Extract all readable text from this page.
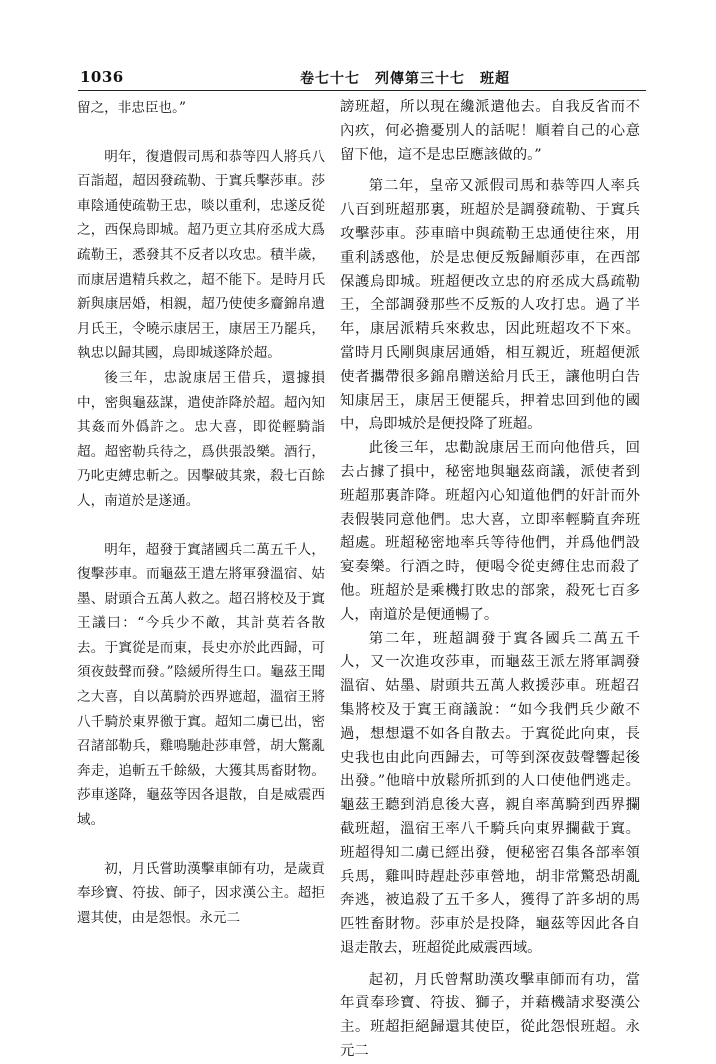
1036	卷七十七　列傳第三十七　班超

留之，非忠臣也。”

明年，復遣假司馬和恭等四人將兵八百詣超，超因發疏勒、于窴兵擊莎車。莎車陰通使疏勒王忠，啖以重利，忠遂反從之，西保烏即城。超乃更立其府丞成大爲疏勒王，悉發其不反者以攻忠。積半歲，而康居遣精兵救之，超不能下。是時月氏新與康居婚，相親，超乃使使多齎錦帛遺月氏王，令曉示康居王，康居王乃罷兵，執忠以歸其國，烏即城遂降於超。

後三年，忠說康居王借兵，還據損中，密與龜茲謀，遣使詐降於超。超內知其姦而外僞許之。忠大喜，即從輕騎詣超。超密勒兵待之，爲供張設樂。酒行，乃叱吏縛忠斬之。因擊破其衆，殺七百餘人，南道於是遂通。

明年，超發于窴諸國兵二萬五千人，復擊莎車。而龜茲王遣左將軍發溫宿、姑墨、尉頭合五萬人救之。超召將校及于窴王議曰：“今兵少不敵，其計莫若各散去。于窴從是而東，長史亦於此西歸，可須夜鼓聲而發。”陰緩所得生口。龜茲王聞之大喜，自以萬騎於西界遮超，溫宿王將八千騎於東界徼于窴。超知二虜已出，密召諸部勒兵，雞鳴馳赴莎車營，胡大驚亂奔走，追斬五千餘級，大獲其馬畜財物。莎車遂降，龜茲等因各退散，自是威震西域。

初，月氏嘗助漢擊車師有功，是歲貢奉珍寶、符拔、師子，因求漢公主。超拒還其使，由是怨恨。永元二

謗班超，所以現在纔派遣他去。自我反省而不內疚，何必擔憂別人的話呢！順着自己的心意留下他，這不是忠臣應該做的。”

第二年，皇帝又派假司馬和恭等四人率兵八百到班超那裏，班超於是調發疏勒、于窴兵攻擊莎車。莎車暗中與疏勒王忠通使往來，用重利誘惑他，於是忠便反叛歸順莎車，在西部保護烏即城。班超便改立忠的府丞成大爲疏勒王，全部調發那些不反叛的人攻打忠。過了半年，康居派精兵來救忠，因此班超攻不下來。當時月氏剛與康居通婚，相互親近，班超便派使者攜帶很多錦帛贈送給月氏王，讓他明白告知康居王，康居王便罷兵，押着忠回到他的國中，烏即城於是便投降了班超。

此後三年，忠勸說康居王而向他借兵，回去占據了損中，秘密地與龜茲商議，派使者到班超那裏詐降。班超內心知道他們的奸計而外表假裝同意他們。忠大喜，立即率輕騎直奔班超處。班超秘密地率兵等待他們，并爲他們設宴奏樂。行酒之時，便喝令從吏縛住忠而殺了他。班超於是乘機打敗忠的部衆，殺死七百多人，南道於是便通暢了。

第二年，班超調發于窴各國兵二萬五千人，又一次進攻莎車，而龜茲王派左將軍調發溫宿、姑墨、尉頭共五萬人救援莎車。班超召集將校及于窴王商議說：“如今我們兵少敵不過，想想還不如各自散去。于窴從此向東，長史我也由此向西歸去，可等到深夜鼓聲響起後出發。”他暗中放鬆所抓到的人口使他們逃走。龜茲王聽到消息後大喜，親自率萬騎到西界攔截班超，溫宿王率八千騎兵向東界攔截于窴。班超得知二虜已經出發，便秘密召集各部率領兵馬，雞叫時趕赴莎車營地，胡非常驚恐胡亂奔逃，被追殺了五千多人，獲得了許多胡的馬匹牲畜財物。莎車於是投降，龜茲等因此各自退走散去，班超從此威震西域。

起初，月氏曾幫助漢攻擊車師而有功，當年貢奉珍寶、符拔、獅子，并藉機請求娶漢公主。班超拒絕歸還其使臣，從此怨恨班超。永元二
